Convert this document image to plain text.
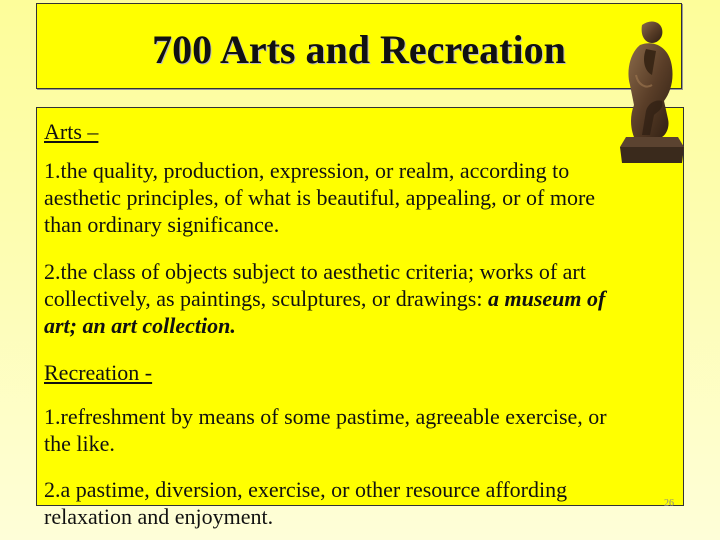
700 Arts and Recreation
Arts –
1.the quality, production, expression, or realm, according to
aesthetic principles, of what is beautiful, appealing, or of more
than ordinary significance.
2.the class of objects subject to aesthetic criteria; works of art
collectively, as paintings, sculptures, or drawings: a museum of
art; an art collection.
Recreation -
1.refreshment by means of some pastime, agreeable exercise, or
the like.
2.a pastime, diversion, exercise, or other resource affording
relaxation and enjoyment.
26
